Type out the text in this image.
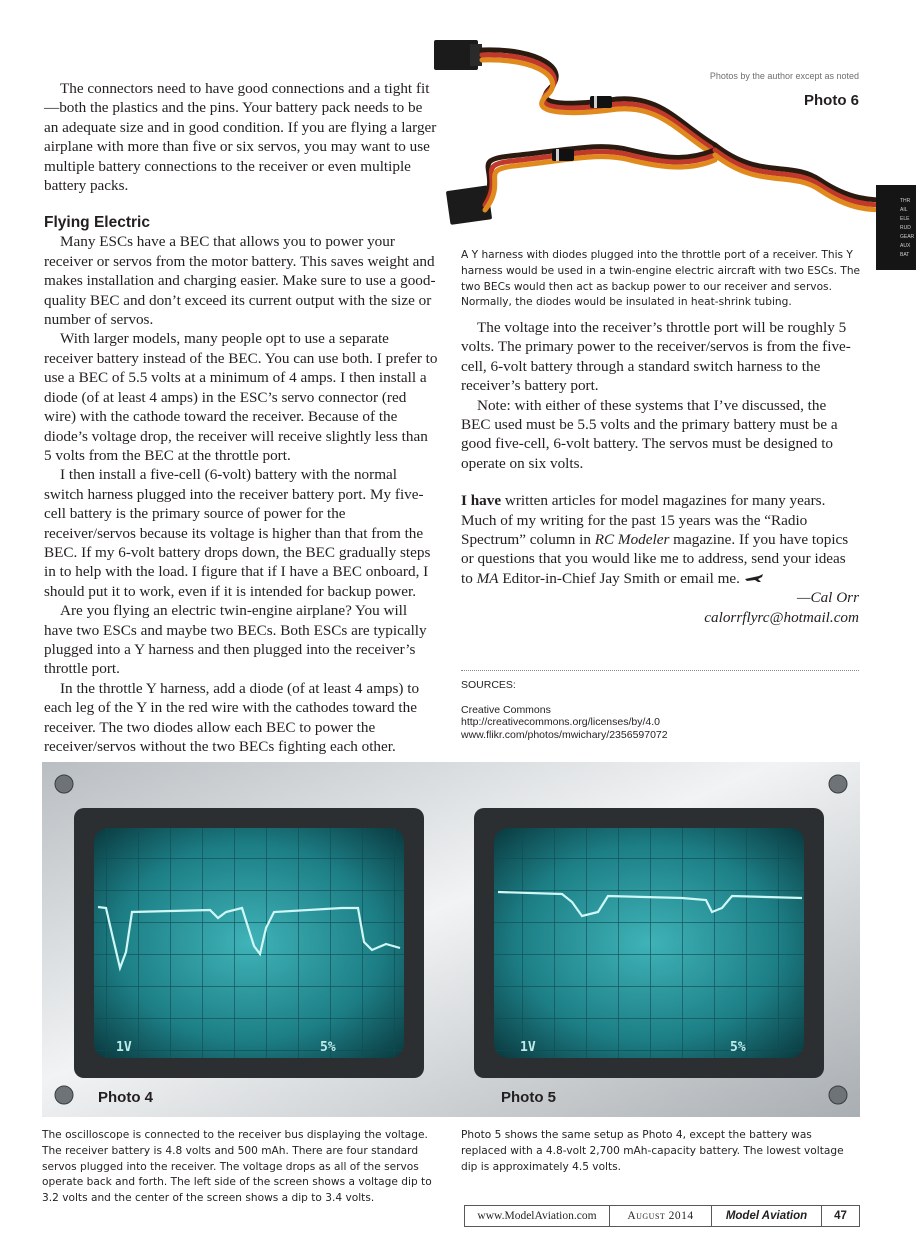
The connectors need to have good connections and a tight fit—both the plastics and the pins. Your battery pack needs to be an adequate size and in good condition. If you are flying a larger airplane with more than five or six servos, you may want to use multiple battery connections to the receiver or even multiple battery packs.

Flying Electric

Many ESCs have a BEC that allows you to power your receiver or servos from the motor battery. This saves weight and makes installation and charging easier. Make sure to use a good-quality BEC and don’t exceed its current output with the size or number of servos.

With larger models, many people opt to use a separate receiver battery instead of the BEC. You can use both. I prefer to use a BEC of 5.5 volts at a minimum of 4 amps. I then install a diode (of at least 4 amps) in the ESC’s servo connector (red wire) with the cathode toward the receiver. Because of the diode’s voltage drop, the receiver will receive slightly less than 5 volts from the BEC at the throttle port.

I then install a five-cell (6-volt) battery with the normal switch harness plugged into the receiver battery port. My five-cell battery is the primary source of power for the receiver/servos because its voltage is higher than that from the BEC. If my 6-volt battery drops down, the BEC gradually steps in to help with the load. I figure that if I have a BEC onboard, I should put it to work, even if it is intended for backup power.

Are you flying an electric twin-engine airplane? You will have two ESCs and maybe two BECs. Both ESCs are typically plugged into a Y harness and then plugged into the receiver’s throttle port.

In the throttle Y harness, add a diode (of at least 4 amps) to each leg of the Y in the red wire with the cathodes toward the receiver. The two diodes allow each BEC to power the receiver/servos without the two BECs fighting each other.

THR
AIL
ELE
RUD
GEAR
AUX
BAT
Photos by the author except as noted
Photo 6
A Y harness with diodes plugged into the throttle port of a receiver. This Y harness would be used in a twin-engine electric aircraft with two ESCs. The two BECs would then act as backup power to our receiver and servos. Normally, the diodes would be insulated in heat-shrink tubing.

The voltage into the receiver’s throttle port will be roughly 5 volts. The primary power to the receiver/servos is from the five-cell, 6-volt battery through a standard switch harness to the receiver’s battery port.

Note: with either of these systems that I’ve discussed, the BEC used must be 5.5 volts and the primary battery must be a good five-cell, 6-volt battery. The servos must be designed to operate on six volts.

I have written articles for model magazines for many years. Much of my writing for the past 15 years was the “Radio Spectrum” column in RC Modeler magazine. If you have topics or questions that you would like me to address, send your ideas to MA Editor-in-Chief Jay Smith or email me.

—Cal Orr

calorrflyrc@hotmail.com

SOURCES:
Creative Commons
http://creativecommons.org/licenses/by/4.0
www.flikr.com/photos/mwichary/2356597072
1V	5%	1V	5%
Photo 4	Photo 5
The oscilloscope is connected to the receiver bus displaying the voltage. The receiver battery is 4.8 volts and 500 mAh. There are four standard servos plugged into the receiver. The voltage drops as all of the servos operate back and forth. The left side of the screen shows a voltage dip to 3.2 volts and the center of the screen shows a dip to 3.4 volts.
Photo 5 shows the same setup as Photo 4, except the battery was replaced with a 4.8-volt 2,700 mAh-capacity battery. The lowest voltage dip is approximately 4.5 volts.
www.ModelAviation.com	August 2014	Model Aviation	47
